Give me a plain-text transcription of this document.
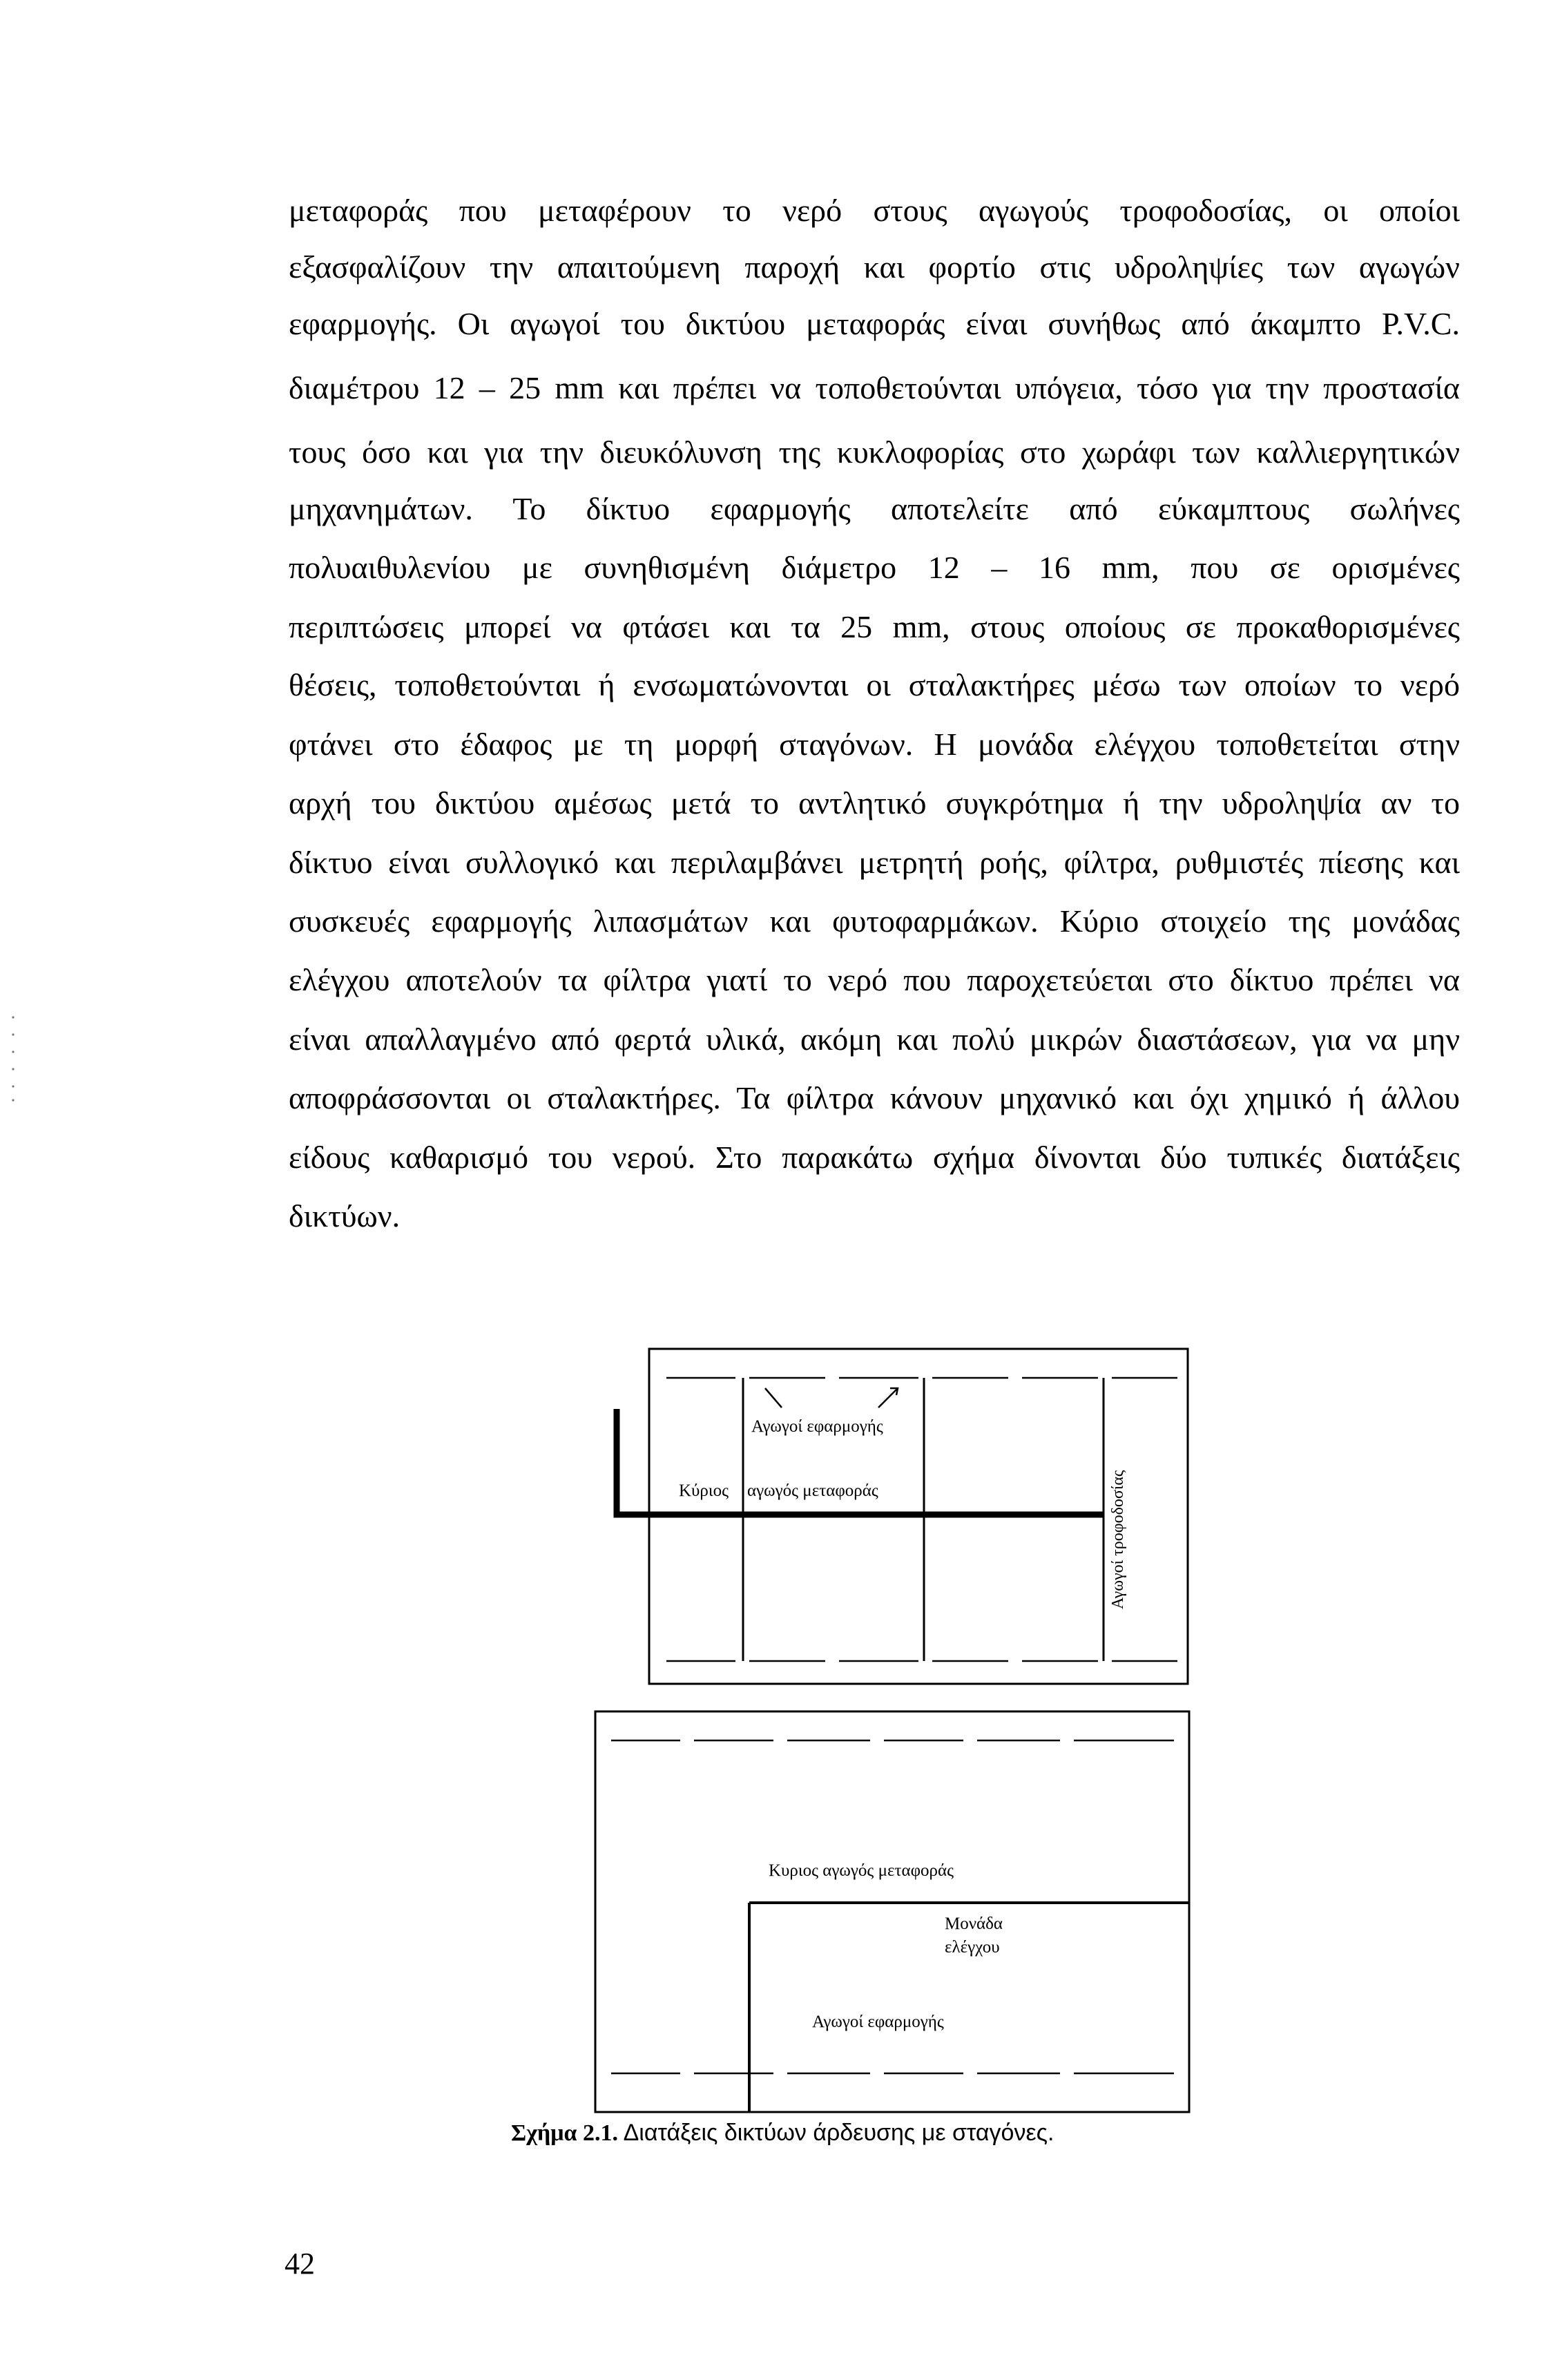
μεταφοράς που μεταφέρουν το νερό στους αγωγούς τροφοδοσίας, οι οποίοι
εξασφαλίζουν την απαιτούμενη παροχή και φορτίο στις υδροληψίες των αγωγών
εφαρμογής. Οι αγωγοί του δικτύου μεταφοράς είναι συνήθως από άκαμπτο P.V.C.
διαμέτρου 12 – 25 mm και πρέπει να τοποθετούνται υπόγεια, τόσο για την προστασία
τους όσο και για την διευκόλυνση της κυκλοφορίας στο χωράφι των καλλιεργητικών
μηχανημάτων. Το δίκτυο εφαρμογής αποτελείτε από εύκαμπτους σωλήνες
πολυαιθυλενίου με συνηθισμένη διάμετρο 12 – 16 mm, που σε ορισμένες
περιπτώσεις μπορεί να φτάσει και τα 25 mm, στους οποίους σε προκαθορισμένες
θέσεις, τοποθετούνται ή ενσωματώνονται οι σταλακτήρες μέσω των οποίων το νερό
φτάνει στο έδαφος με τη μορφή σταγόνων. Η μονάδα ελέγχου τοποθετείται στην
αρχή του δικτύου αμέσως μετά το αντλητικό συγκρότημα ή την υδροληψία αν το
δίκτυο είναι συλλογικό και περιλαμβάνει μετρητή ροής, φίλτρα, ρυθμιστές πίεσης και
συσκευές εφαρμογής λιπασμάτων και φυτοφαρμάκων. Κύριο στοιχείο της μονάδας
ελέγχου αποτελούν τα φίλτρα γιατί το νερό που παροχετεύεται στο δίκτυο πρέπει να
είναι απαλλαγμένο από φερτά υλικά, ακόμη και πολύ μικρών διαστάσεων, για να μην
αποφράσσονται οι σταλακτήρες. Τα φίλτρα κάνουν μηχανικό και όχι χημικό ή άλλου
είδους καθαρισμό του νερού. Στο παρακάτω σχήμα δίνονται δύο τυπικές διατάξεις
δικτύων.
Αγωγοί εφαρμογής
Κύριος αγωγός μεταφοράς	Αγωγοί τροφοδοσίας
Κυριος αγωγός μεταφοράς
Μονάδα
ελέγχου
Αγωγοί εφαρμογής
Σχήμα 2.1. Διατάξεις δικτύων άρδευσης με σταγόνες.
42
